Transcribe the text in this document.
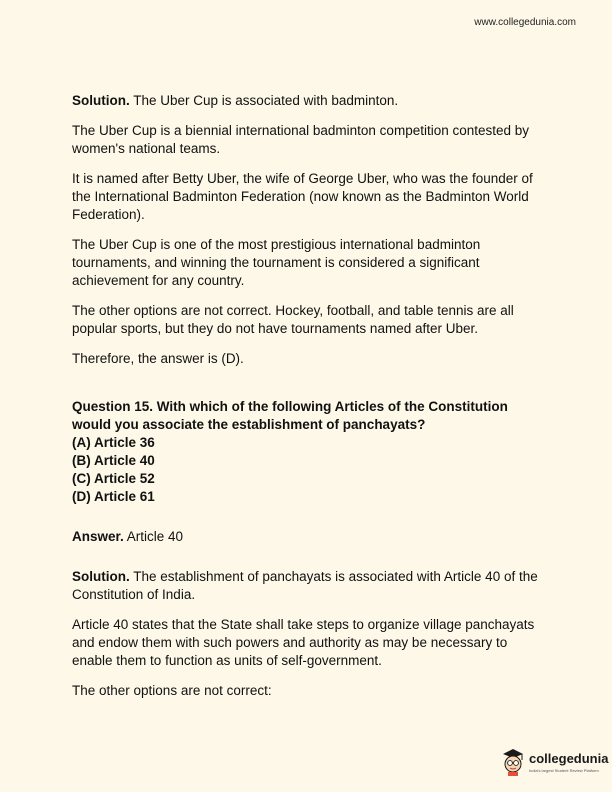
www.collegedunia.com

Solution. The Uber Cup is associated with badminton.

The Uber Cup is a biennial international badminton competition contested by women's national teams.

It is named after Betty Uber, the wife of George Uber, who was the founder of the International Badminton Federation (now known as the Badminton World Federation).

The Uber Cup is one of the most prestigious international badminton tournaments, and winning the tournament is considered a significant achievement for any country.

The other options are not correct. Hockey, football, and table tennis are all popular sports, but they do not have tournaments named after Uber.

Therefore, the answer is (D).

Question 15. With which of the following Articles of the Constitution would you associate the establishment of panchayats?

(A) Article 36

(B) Article 40

(C) Article 52

(D) Article 61

Answer. Article 40

Solution. The establishment of panchayats is associated with Article 40 of the Constitution of India.

Article 40 states that the State shall take steps to organize village panchayats and endow them with such powers and authority as may be necessary to enable them to function as units of self-government.

The other options are not correct:

collegedunia
India's largest Student Review Platform
